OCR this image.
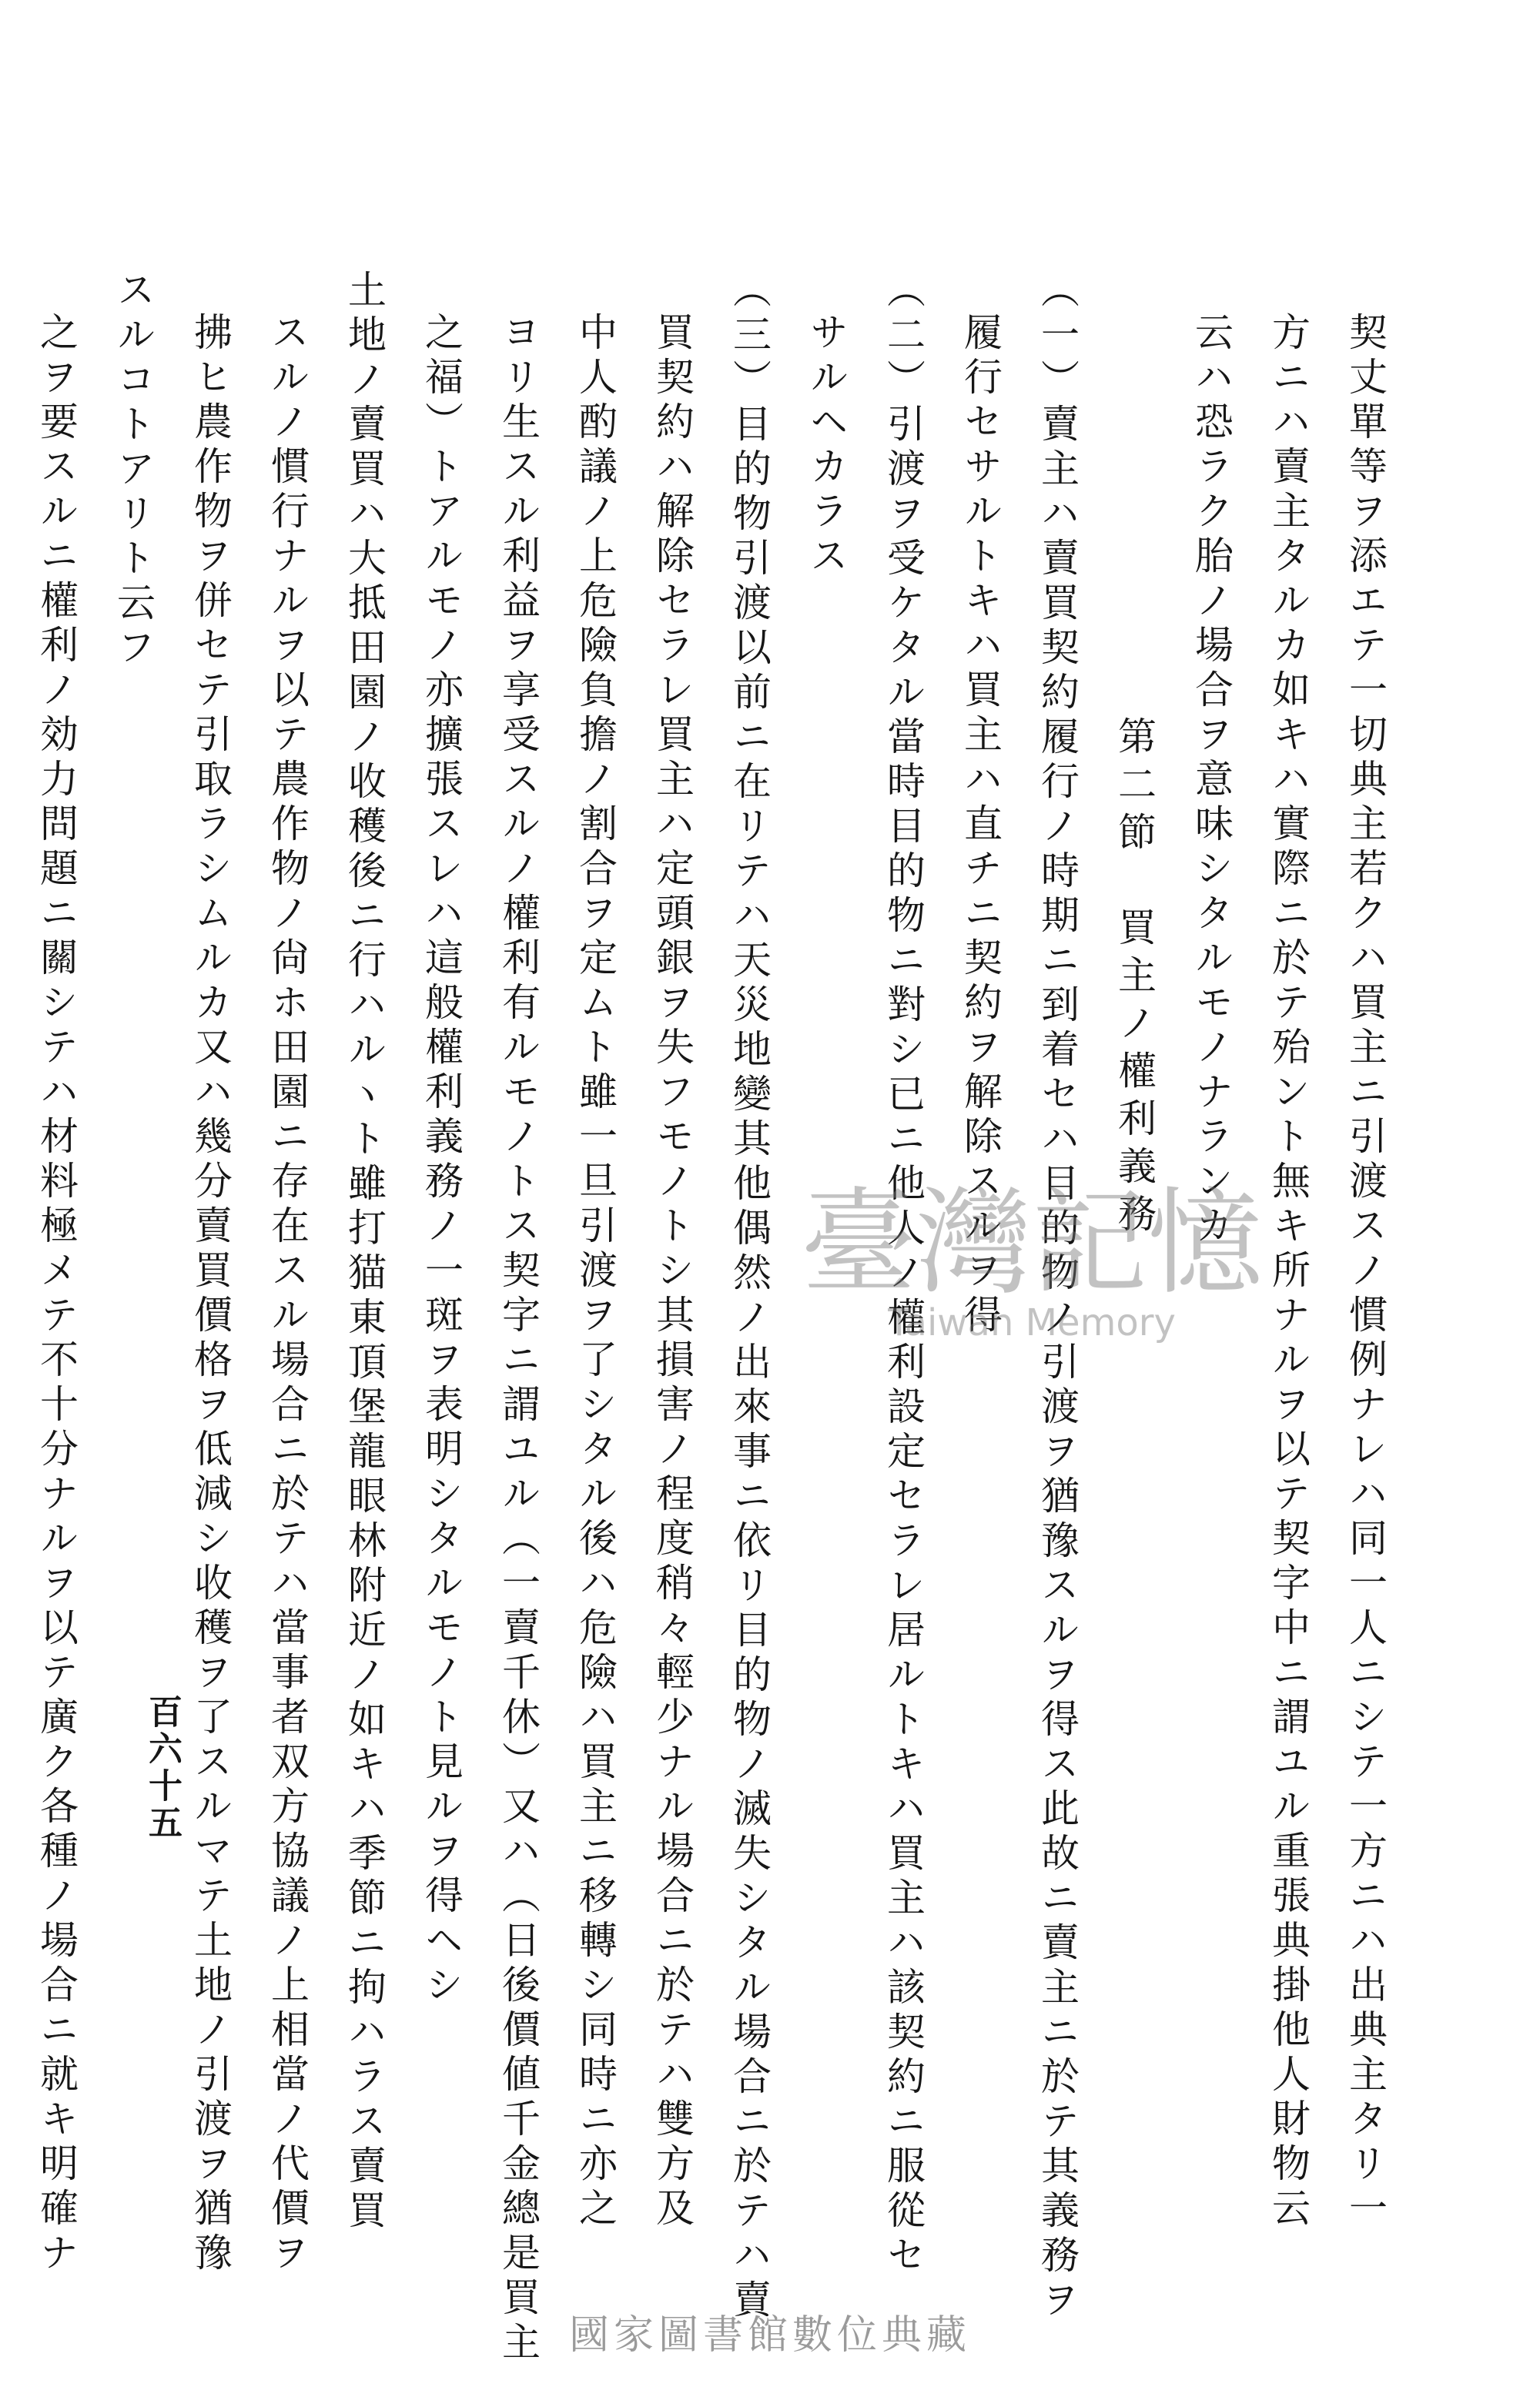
契丈單等ヲ添エテ一切典主若クハ買主ニ引渡スノ慣例ナレハ同一人ニシテ一方ニハ出典主タリ一
方ニハ賣主タルカ如キハ實際ニ於テ殆ント無キ所ナルヲ以テ契字中ニ謂ユル重張典掛他人財物云
云ハ恐ラク胎ノ場合ヲ意味シタルモノナランカ
第二節　買主ノ權利義務
（一）賣主ハ賣買契約履行ノ時期ニ到着セハ目的物ノ引渡ヲ猶豫スルヲ得ス此故ニ賣主ニ於テ其義務ヲ
履行セサルトキハ買主ハ直チニ契約ヲ解除スルヲ得
（二）引渡ヲ受ケタル當時目的物ニ對シ已ニ他人ノ權利設定セラレ居ルトキハ買主ハ該契約ニ服從セ
サルヘカラス
（三）目的物引渡以前ニ在リテハ天災地變其他偶然ノ出來事ニ依リ目的物ノ滅失シタル場合ニ於テハ賣
買契約ハ解除セラレ買主ハ定頭銀ヲ失フモノトシ其損害ノ程度稍々輕少ナル場合ニ於テハ雙方及
中人酌議ノ上危險負擔ノ割合ヲ定ムト雖一旦引渡ヲ了シタル後ハ危險ハ買主ニ移轉シ同時ニ亦之
ヨリ生スル利益ヲ享受スルノ權利有ルモノトス契字ニ謂ユル（一賣千休）又ハ（日後價値千金總是買主
之福）トアルモノ亦擴張スレハ這般權利義務ノ一斑ヲ表明シタルモノト見ルヲ得ヘシ
土地ノ賣買ハ大抵田園ノ收穫後ニ行ハルヽト雖打猫東頂堡龍眼林附近ノ如キハ季節ニ拘ハラス賣買
スルノ慣行ナルヲ以テ農作物ノ尙ホ田園ニ存在スル場合ニ於テハ當事者双方協議ノ上相當ノ代價ヲ
拂ヒ農作物ヲ併セテ引取ラシムルカ又ハ幾分賣買價格ヲ低減シ收穫ヲ了スルマテ土地ノ引渡ヲ猶豫
スルコトアリト云フ
之ヲ要スルニ權利ノ効力問題ニ關シテハ材料極メテ不十分ナルヲ以テ廣ク各種ノ場合ニ就キ明確ナ 百六十五
臺灣記憶
Taiwan Memory
國家圖書館數位典藏
